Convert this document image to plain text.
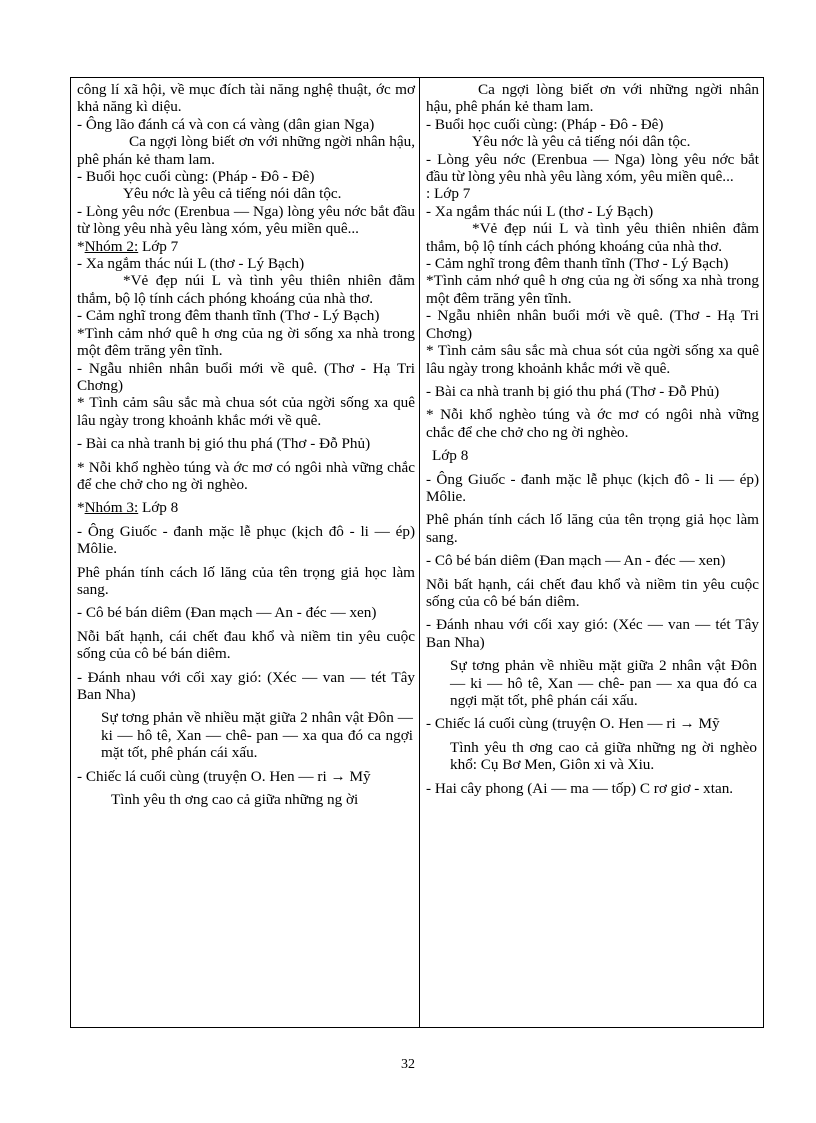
công lí xã hội, về mục đích tài năng nghệ thuật, ớc mơ khả năng kì diệu.

- Ông lão đánh cá và con cá vàng (dân gian Nga)

Ca ngợi lòng biết ơn với những ngời nhân hậu, phê phán kẻ tham lam.

- Buổi học cuối cùng: (Pháp - Đô - Đê)

Yêu nớc là yêu cả tiếng nói dân tộc.

- Lòng yêu nớc (Erenbua — Nga) lòng yêu nớc bắt đầu từ lòng yêu nhà yêu làng xóm, yêu miền quê...

*Nhóm 2: Lớp 7

- Xa ngắm thác núi L (thơ - Lý Bạch)

*Vẻ đẹp núi L và tình yêu thiên nhiên đằm thắm, bộ lộ tính cách phóng khoáng của nhà thơ.

- Cảm nghĩ trong đêm thanh tĩnh (Thơ - Lý Bạch)

*Tình cảm nhớ quê h ơng của ng ời sống xa nhà trong một đêm trăng yên tĩnh.

- Ngẫu nhiên nhân buổi mới về quê. (Thơ - Hạ Tri Chơng)

* Tình cảm sâu sắc mà chua sót của ngời sống xa quê lâu ngày trong khoảnh khắc mới về quê.

- Bài ca nhà tranh bị gió thu phá (Thơ - Đỗ Phủ)

* Nỗi khổ nghèo túng và ớc mơ có ngôi nhà vững chắc để che chở cho ng ời nghèo.

*Nhóm 3: Lớp 8

- Ông Giuốc - đanh mặc lễ phục (kịch đô - li — ép) Môlie.

Phê phán tính cách lố lăng của tên trọng giả học làm sang.

- Cô bé bán diêm (Đan mạch — An - đéc — xen)

Nỗi bất hạnh, cái chết đau khổ và niềm tin yêu cuộc sống của cô bé bán diêm.

- Đánh nhau với cối xay gió: (Xéc — van — tét Tây Ban Nha)

Sự tơng phản về nhiều mặt giữa 2 nhân vật Đôn — ki — hô tê, Xan — chê- pan — xa qua đó ca ngợi mặt tốt, phê phán cái xấu.

- Chiếc lá cuối cùng (truyện O. Hen — ri → Mỹ

Tình yêu th ơng cao cả giữa những ng ời

Ca ngợi lòng biết ơn với những ngời nhân hậu, phê phán kẻ tham lam.

- Buổi học cuối cùng: (Pháp - Đô - Đê)

Yêu nớc là yêu cả tiếng nói dân tộc.

- Lòng yêu nớc (Erenbua — Nga) lòng yêu nớc bắt đầu từ lòng yêu nhà yêu làng xóm, yêu miền quê...

: Lớp 7

- Xa ngắm thác núi L (thơ - Lý Bạch)

*Vẻ đẹp núi L và tình yêu thiên nhiên đằm thắm, bộ lộ tính cách phóng khoáng của nhà thơ.

- Cảm nghĩ trong đêm thanh tĩnh (Thơ - Lý Bạch)

*Tình cảm nhớ quê h ơng của ng ời sống xa nhà trong một đêm trăng yên tĩnh.

- Ngẫu nhiên nhân buổi mới về quê. (Thơ - Hạ Tri Chơng)

* Tình cảm sâu sắc mà chua sót của ngời sống xa quê lâu ngày trong khoảnh khắc mới về quê.

- Bài ca nhà tranh bị gió thu phá (Thơ - Đỗ Phủ)

* Nỗi khổ nghèo túng và ớc mơ có ngôi nhà vững chắc để che chở cho ng ời nghèo.

Lớp 8

- Ông Giuốc - đanh mặc lễ phục (kịch đô - li — ép) Môlie.

Phê phán tính cách lố lăng của tên trọng giả học làm sang.

- Cô bé bán diêm (Đan mạch — An - đéc — xen)

Nỗi bất hạnh, cái chết đau khổ và niềm tin yêu cuộc sống của cô bé bán diêm.

- Đánh nhau với cối xay gió: (Xéc — van — tét Tây Ban Nha)

Sự tơng phản về nhiều mặt giữa 2 nhân vật Đôn — ki — hô tê, Xan — chê- pan — xa qua đó ca ngợi mặt tốt, phê phán cái xấu.

- Chiếc lá cuối cùng (truyện O. Hen — ri → Mỹ

Tình yêu th ơng cao cả giữa những ng ời nghèo khổ: Cụ Bơ Men, Giôn xi và Xiu.

- Hai cây phong (Ai — ma — tốp) C rơ giơ - xtan.

32
